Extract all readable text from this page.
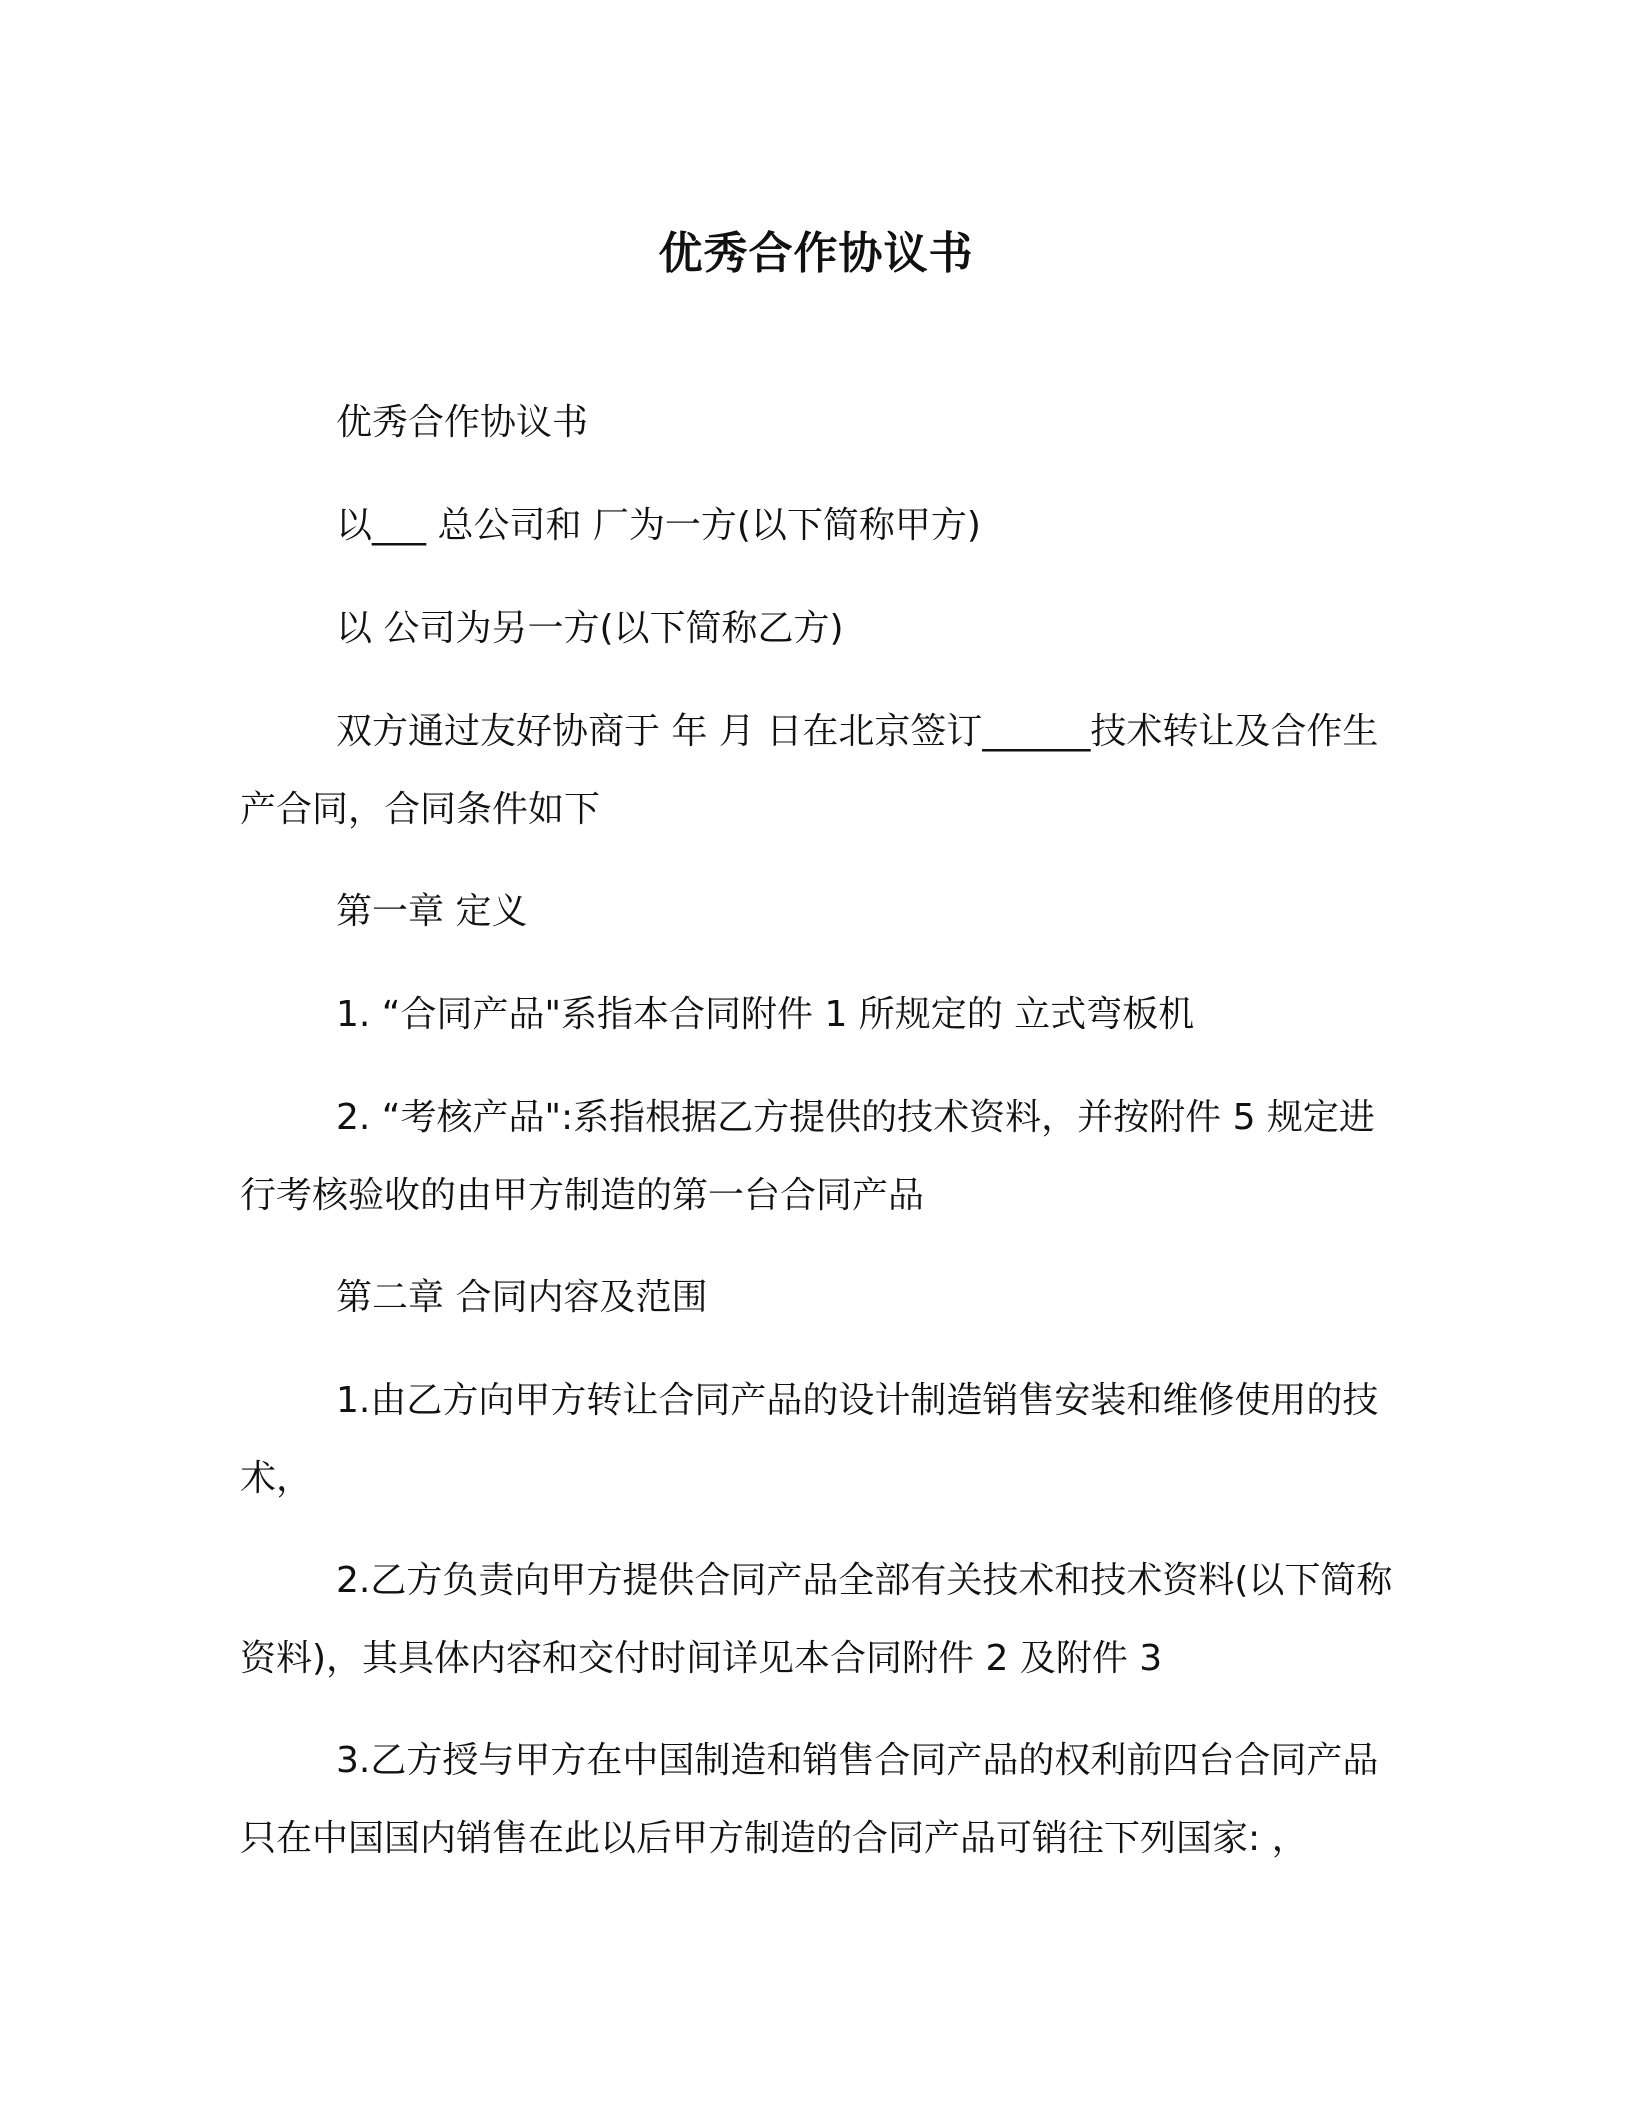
优秀合作协议书
优秀合作协议书
以___ 总公司和 厂为一方(以下简称甲方)
以 公司为另一方(以下简称乙方)
双方通过友好协商于 年 月 日在北京签订______技术转让及合作生产合同，合同条件如下
第一章 定义
1. “合同产品"系指本合同附件 1 所规定的 立式弯板机
2. “考核产品":系指根据乙方提供的技术资料，并按附件 5 规定进行考核验收的由甲方制造的第一台合同产品
第二章 合同内容及范围
1.由乙方向甲方转让合同产品的设计制造销售安装和维修使用的技术，
2.乙方负责向甲方提供合同产品全部有关技术和技术资料(以下简称资料)，其具体内容和交付时间详见本合同附件 2 及附件 3
3.乙方授与甲方在中国制造和销售合同产品的权利前四台合同产品只在中国国内销售在此以后甲方制造的合同产品可销往下列国家: ，
